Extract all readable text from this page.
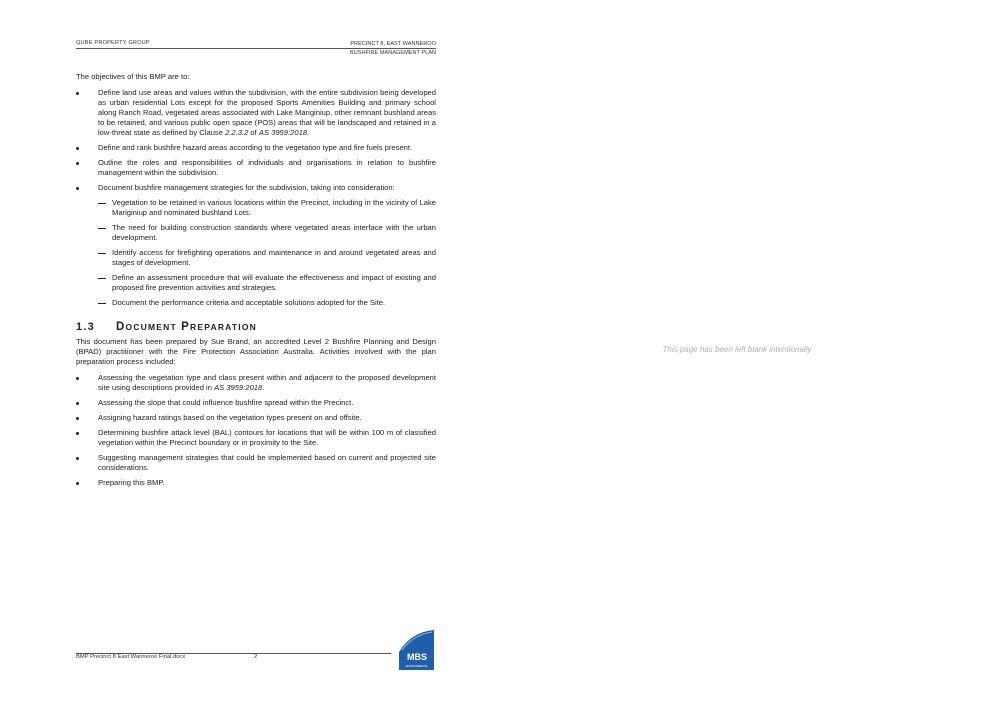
QUBE PROPERTY GROUP	PRECINCT 8, EAST WANNEROO
BUSHFIRE MANAGEMENT PLAN

The objectives of this BMP are to:

Define land use areas and values within the subdivision, with the entire subdivision being developed as urban residential Lots except for the proposed Sports Amenities Building and primary school along Ranch Road, vegetated areas associated with Lake Mariginiup, other remnant bushland areas to be retained, and various public open space (POS) areas that will be landscaped and retained in a low-threat state as defined by Clause 2.2.3.2 of AS 3959:2018.
Define and rank bushfire hazard areas according to the vegetation type and fire fuels present.
Outline the roles and responsibilities of individuals and organisations in relation to bushfire management within the subdivision.
Document bushfire management strategies for the subdivision, taking into consideration:
Vegetation to be retained in various locations within the Precinct, including in the vicinity of Lake Mariginiup and nominated bushland Lots.
The need for building construction standards where vegetated areas interface with the urban development.
Identify access for firefighting operations and maintenance in and around vegetated areas and stages of development.
Define an assessment procedure that will evaluate the effectiveness and impact of existing and proposed fire prevention activities and strategies.
Document the performance criteria and acceptable solutions adopted for the Site.
1.3 DOCUMENT PREPARATION

This document has been prepared by Sue Brand, an accredited Level 2 Bushfire Planning and Design (BPAD) practitioner with the Fire Protection Association Australia. Activities involved with the plan preparation process included:

Assessing the vegetation type and class present within and adjacent to the proposed development site using descriptions provided in AS 3959:2018.
Assessing the slope that could influence bushfire spread within the Precinct.
Assigning hazard ratings based on the vegetation types present on and offsite.
Determining bushfire attack level (BAL) contours for locations that will be within 100 m of classified vegetation within the Precinct boundary or in proximity to the Site.
Suggesting management strategies that could be implemented based on current and projected site considerations.
Preparing this BMP.
BMP Precinct 8 East Wanneroo Final.docx	2	MBS
ENVIRONMENTAL
This page has been left blank intentionally
